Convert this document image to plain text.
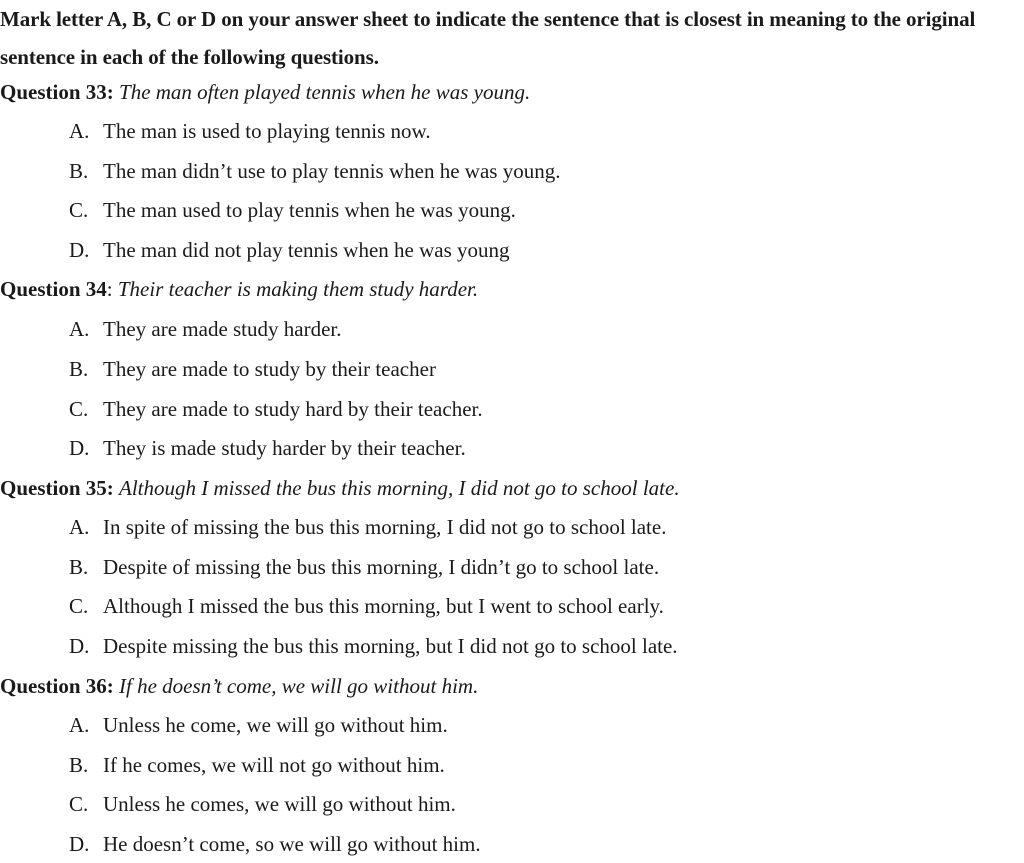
Mark letter A, B, C or D on your answer sheet to indicate the sentence that is closest in meaning to the original sentence in each of the following questions.
Question 33: The man often played tennis when he was young.
A. The man is used to playing tennis now.
B. The man didn’t use to play tennis when he was young.
C. The man used to play tennis when he was young.
D. The man did not play tennis when he was young
Question 34: Their teacher is making them study harder.
A. They are made study harder.
B. They are made to study by their teacher
C. They are made to study hard by their teacher.
D. They is made study harder by their teacher.
Question 35: Although I missed the bus this morning, I did not go to school late.
A. In spite of missing the bus this morning, I did not go to school late.
B. Despite of missing the bus this morning, I didn’t go to school late.
C. Although I missed the bus this morning, but I went to school early.
D. Despite missing the bus this morning, but I did not go to school late.
Question 36: If he doesn’t come, we will go without him.
A. Unless he come, we will go without him.
B. If he comes, we will not go without him.
C. Unless he comes, we will go without him.
D. He doesn’t come, so we will go without him.
